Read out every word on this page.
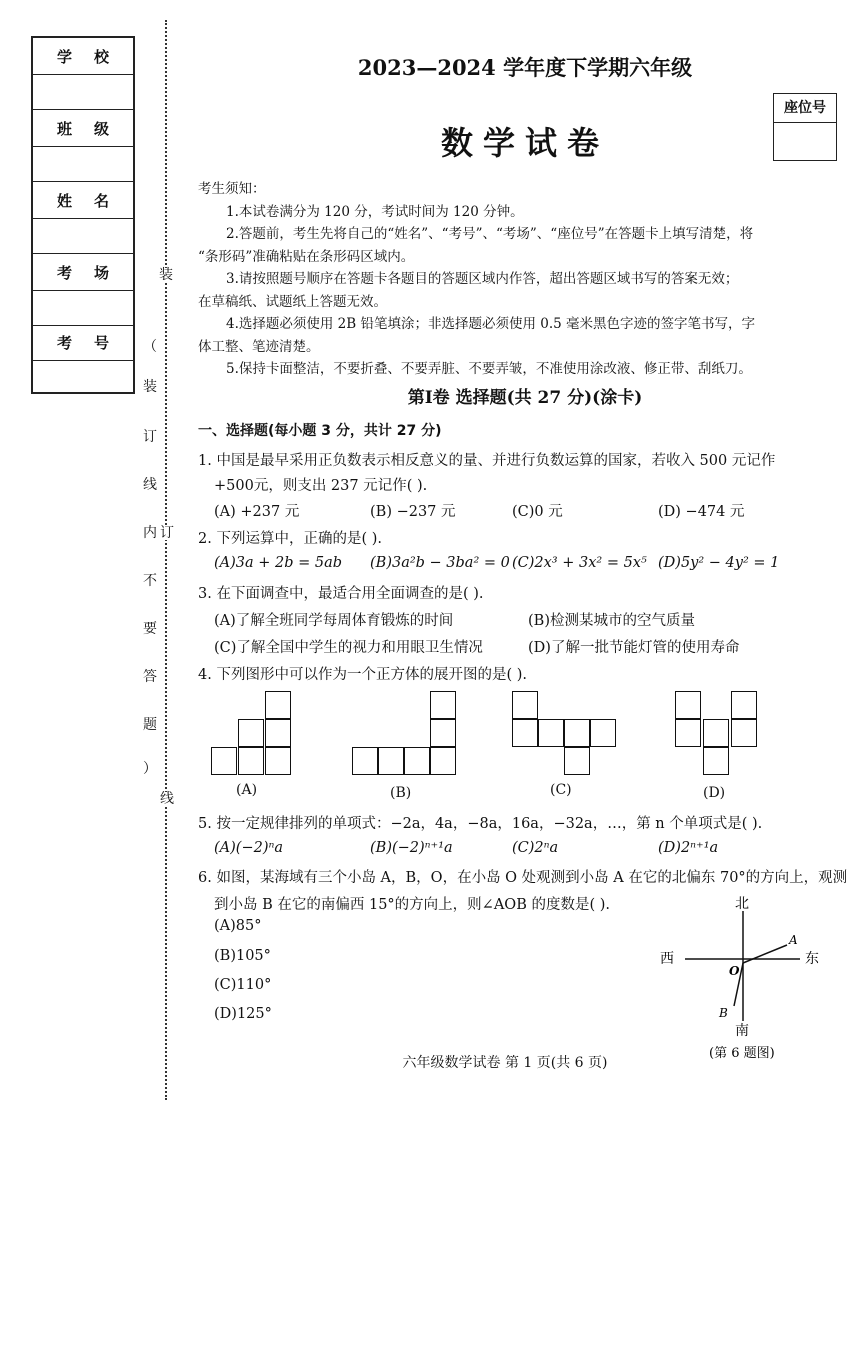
学校
班级
姓名
考场
考号
装
（
装
订
线
内 订
不
要
答
题
）
线
2023—2024 学年度下学期六年级
数学试卷
座位号

考生须知：

1.本试卷满分为 120 分，考试时间为 120 分钟。

2.答题前，考生先将自己的“姓名”、“考号”、“考场”、“座位号”在答题卡上填写清楚，将

“条形码”准确粘贴在条形码区域内。

3.请按照题号顺序在答题卡各题目的答题区域内作答，超出答题区域书写的答案无效；

在草稿纸、试题纸上答题无效。

4.选择题必须使用 2B 铅笔填涂；非选择题必须使用 0.5 毫米黑色字迹的签字笔书写，字

体工整、笔迹清楚。

5.保持卡面整洁，不要折叠、不要弄脏、不要弄皱，不准使用涂改液、修正带、刮纸刀。

第Ⅰ卷 选择题(共 27 分)(涂卡)
一、选择题(每小题 3 分，共计 27 分)
1. 中国是最早采用正负数表示相反意义的量、并进行负数运算的国家，若收入 500 元记作
+500元，则支出 237 元记作( ).
(A) +237 元	(B) −237 元	(C)0 元	(D) −474 元
2. 下列运算中，正确的是( ).
(A)3a + 2b = 5ab (B)3a²b − 3ba² = 0 (C)2x³ + 3x² = 5x⁵ (D)5y² − 4y² = 1
3. 在下面调查中，最适合用全面调查的是( ).
(A)了解全班同学每周体育锻炼的时间	(B)检测某城市的空气质量
(C)了解全国中学生的视力和用眼卫生情况	(D)了解一批节能灯管的使用寿命
4. 下列图形中可以作为一个正方体的展开图的是( ).
(A)	(B)	(C)	(D)
5. 按一定规律排列的单项式：−2a，4a，−8a，16a，−32a，…，第 n 个单项式是( ).
(A)(−2)ⁿa	(B)(−2)ⁿ⁺¹a	(C)2ⁿa	(D)2ⁿ⁺¹a
6. 如图，某海域有三个小岛 A，B，O，在小岛 O 处观测到小岛 A 在它的北偏东 70°的方向上，观测
到小岛 B 在它的南偏西 15°的方向上，则∠AOB 的度数是( ).
(A)85°
(B)105°
(C)110°
(D)125°
北
南
西	东
A
B
O
(第 6 题图)
六年级数学试卷 第 1 页(共 6 页)
